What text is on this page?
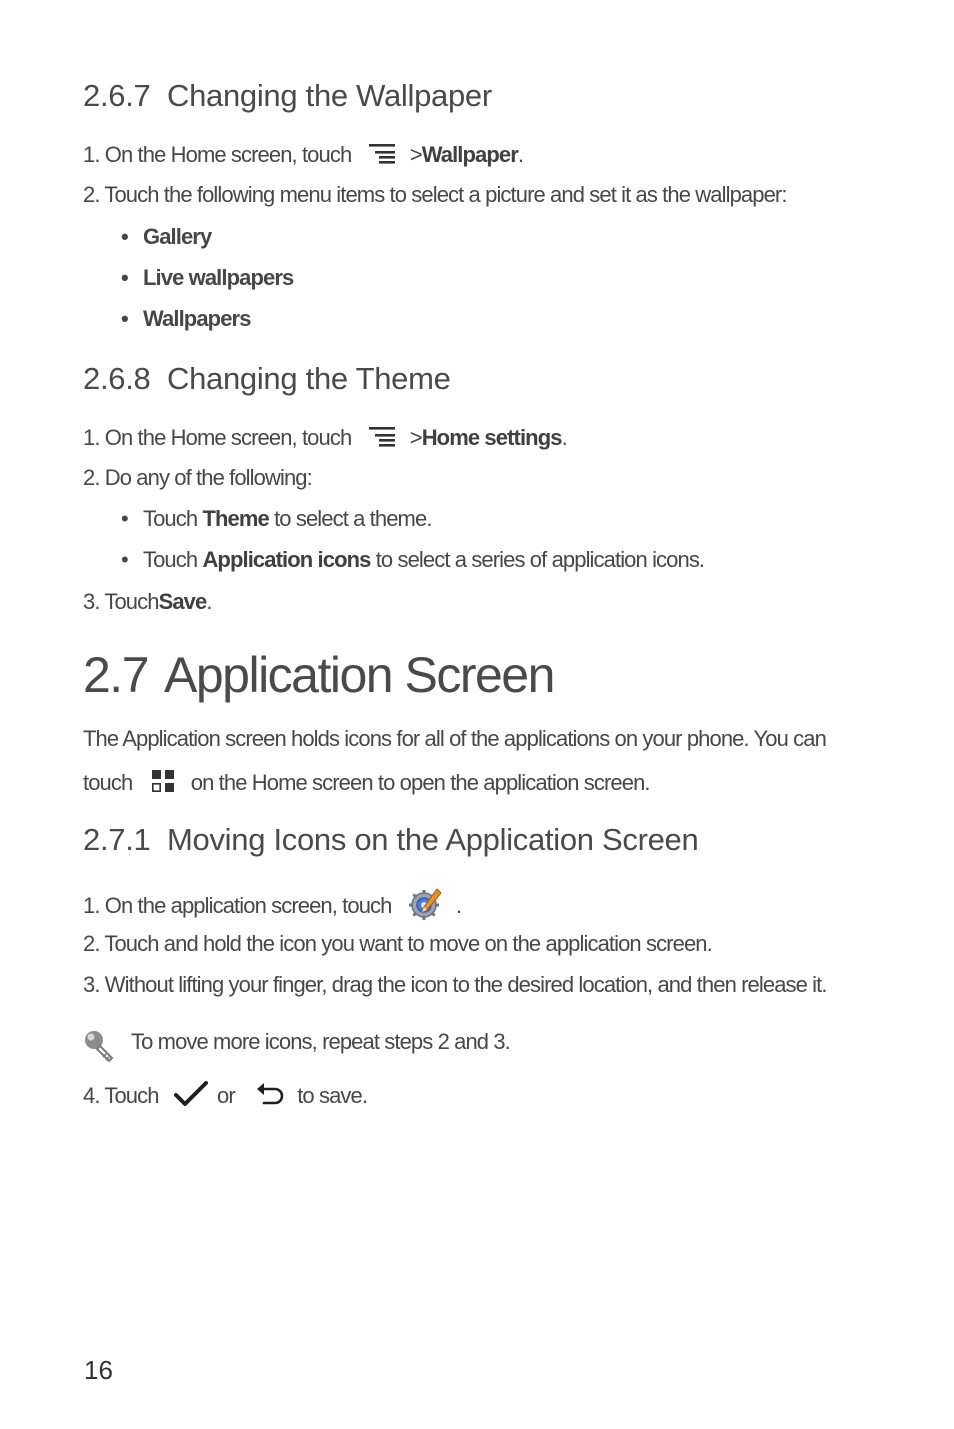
2.6.7 Changing the Wallpaper
1. On the Home screen, touch	>Wallpaper.
2. Touch the following menu items to select a picture and set it as the wallpaper:
• Gallery
• Live wallpapers
• Wallpapers
2.6.8 Changing the Theme
1. On the Home screen, touch	>Home settings.
2. Do any of the following:
• Touch Theme to select a theme.
• Touch Application icons to select a series of application icons.
3. TouchSave.
2.7 Application Screen
The Application screen holds icons for all of the applications on your phone. You can
touch	on the Home screen to open the application screen.
2.7.1 Moving Icons on the Application Screen
1. On the application screen, touch	.
2. Touch and hold the icon you want to move on the application screen.
3. Without lifting your finger, drag the icon to the desired location, and then release it.
To move more icons, repeat steps 2 and 3.
4. Touch	or	to save.
16
